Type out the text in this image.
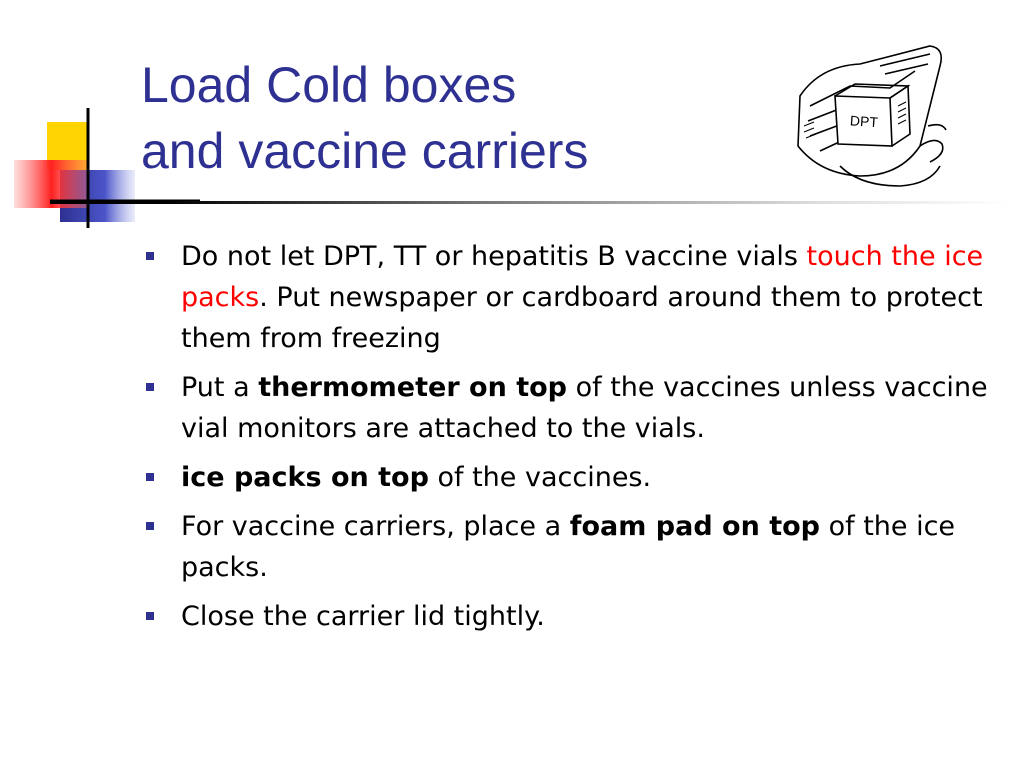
Load Cold boxes
and vaccine carriers
DPT
Do not let DPT, TT or hepatitis B vaccine vials touch the ice packs. Put newspaper or cardboard around them to protect them from freezing
Put a thermometer on top of the vaccines unless vaccine vial monitors are attached to the vials.
ice packs on top of the vaccines.
For vaccine carriers, place a foam pad on top of the ice packs.
Close the carrier lid tightly.
